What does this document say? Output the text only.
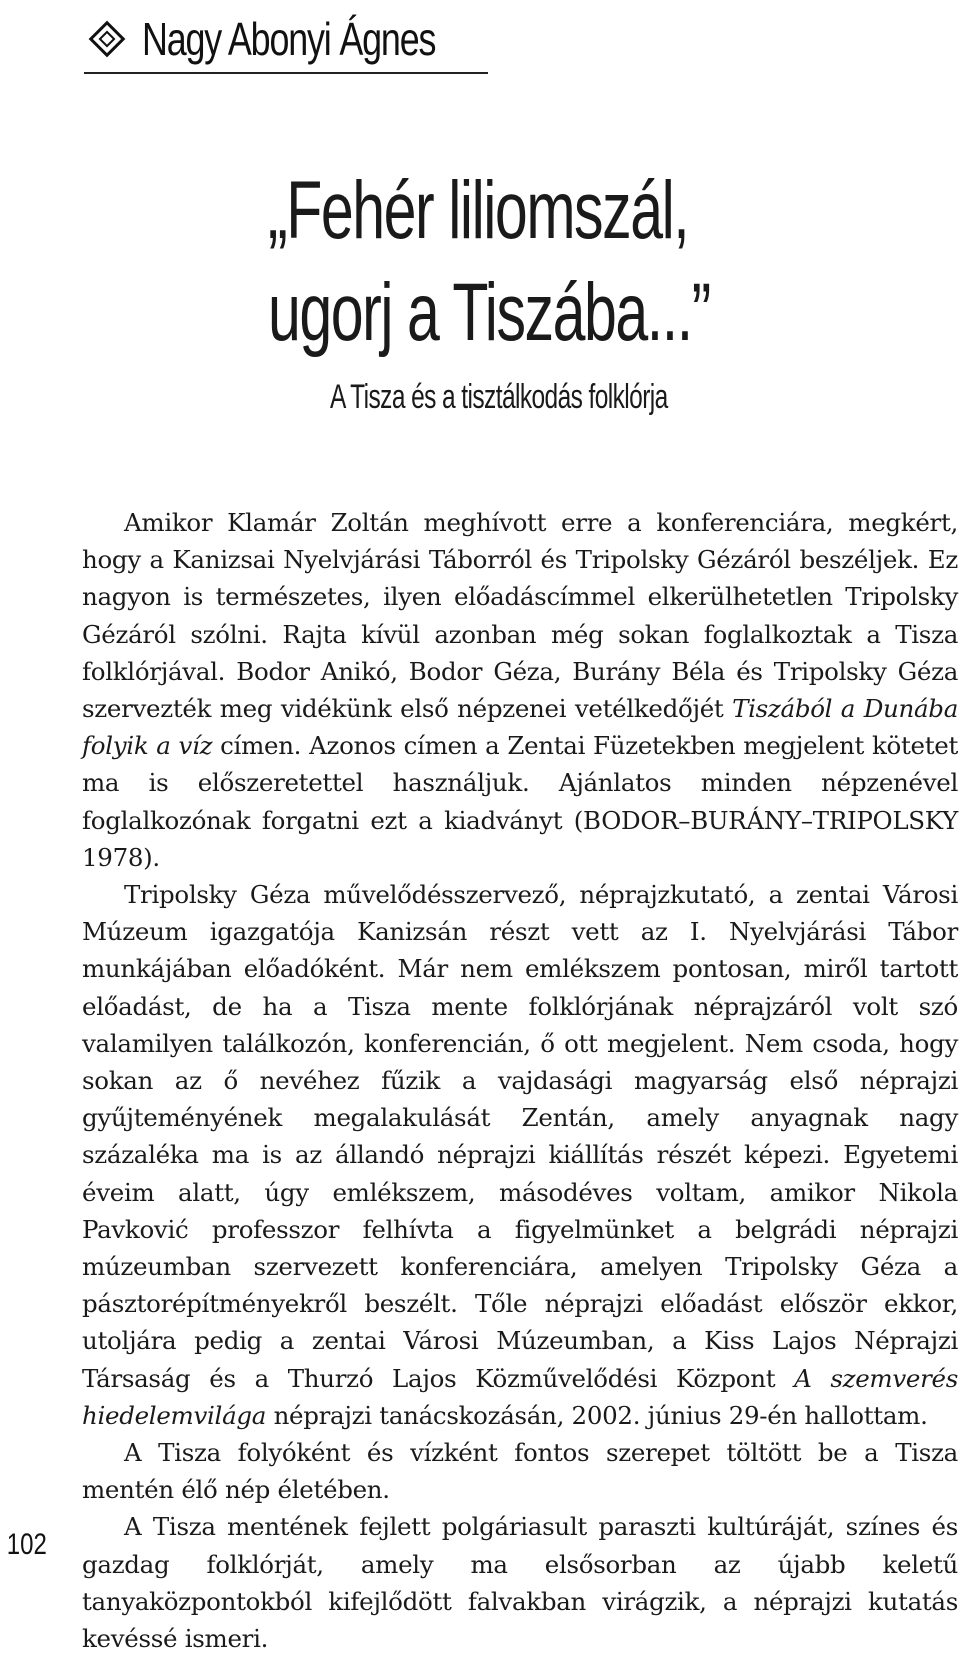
Nagy Abonyi Ágnes
„Fehér liliomszál,
ugorj a Tiszába...”
A Tisza és a tisztálkodás folklórja

Amikor Klamár Zoltán meghívott erre a konferenciára, megkért, hogy a Kanizsai Nyelvjárási Táborról és Tripolsky Gézáról beszéljek. Ez nagyon is természetes, ilyen előadáscímmel elkerülhetetlen Tripolsky Gézáról szólni. Rajta kívül azonban még sokan foglalkoztak a Tisza folklórjával. Bodor Anikó, Bodor Géza, Burány Béla és Tripolsky Géza szervezték meg vidékünk első népzenei vetélkedőjét Tiszából a Dunába folyik a víz címen. Azonos címen a Zentai Füzetekben megjelent kötetet ma is előszeretettel használjuk. Ajánlatos minden népzenével foglalkozónak forgatni ezt a kiadványt (BODOR–BURÁNY–TRIPOLSKY 1978).

Tripolsky Géza művelődésszervező, néprajzkutató, a zentai Városi Múzeum igazgatója Kanizsán részt vett az I. Nyelvjárási Tábor munkájában előadóként. Már nem emlékszem pontosan, miről tartott előadást, de ha a Tisza mente folklórjának néprajzáról volt szó valamilyen találkozón, konferencián, ő ott megjelent. Nem csoda, hogy sokan az ő nevéhez fűzik a vajdasági magyarság első néprajzi gyűjteményének megalakulását Zentán, amely anyagnak nagy százaléka ma is az állandó néprajzi kiállítás részét képezi. Egyetemi éveim alatt, úgy emlékszem, másodéves voltam, amikor Nikola Pavković professzor felhívta a figyelmünket a belgrádi néprajzi múzeumban szervezett konferenciára, amelyen Tripolsky Géza a pásztorépítményekről beszélt. Tőle néprajzi előadást először ekkor, utoljára pedig a zentai Városi Múzeumban, a Kiss Lajos Néprajzi Társaság és a Thurzó Lajos Közművelődési Központ A szemverés hiedelemvilága néprajzi tanácskozásán, 2002. június 29-én hallottam.

A Tisza folyóként és vízként fontos szerepet töltött be a Tisza mentén élő nép életében.

A Tisza mentének fejlett polgáriasult paraszti kultúráját, színes és gazdag folklórját, amely ma elsősorban az újabb keletű tanyaközpontokból kifejlődött falvakban virágzik, a néprajzi kutatás kevéssé ismeri.

102
